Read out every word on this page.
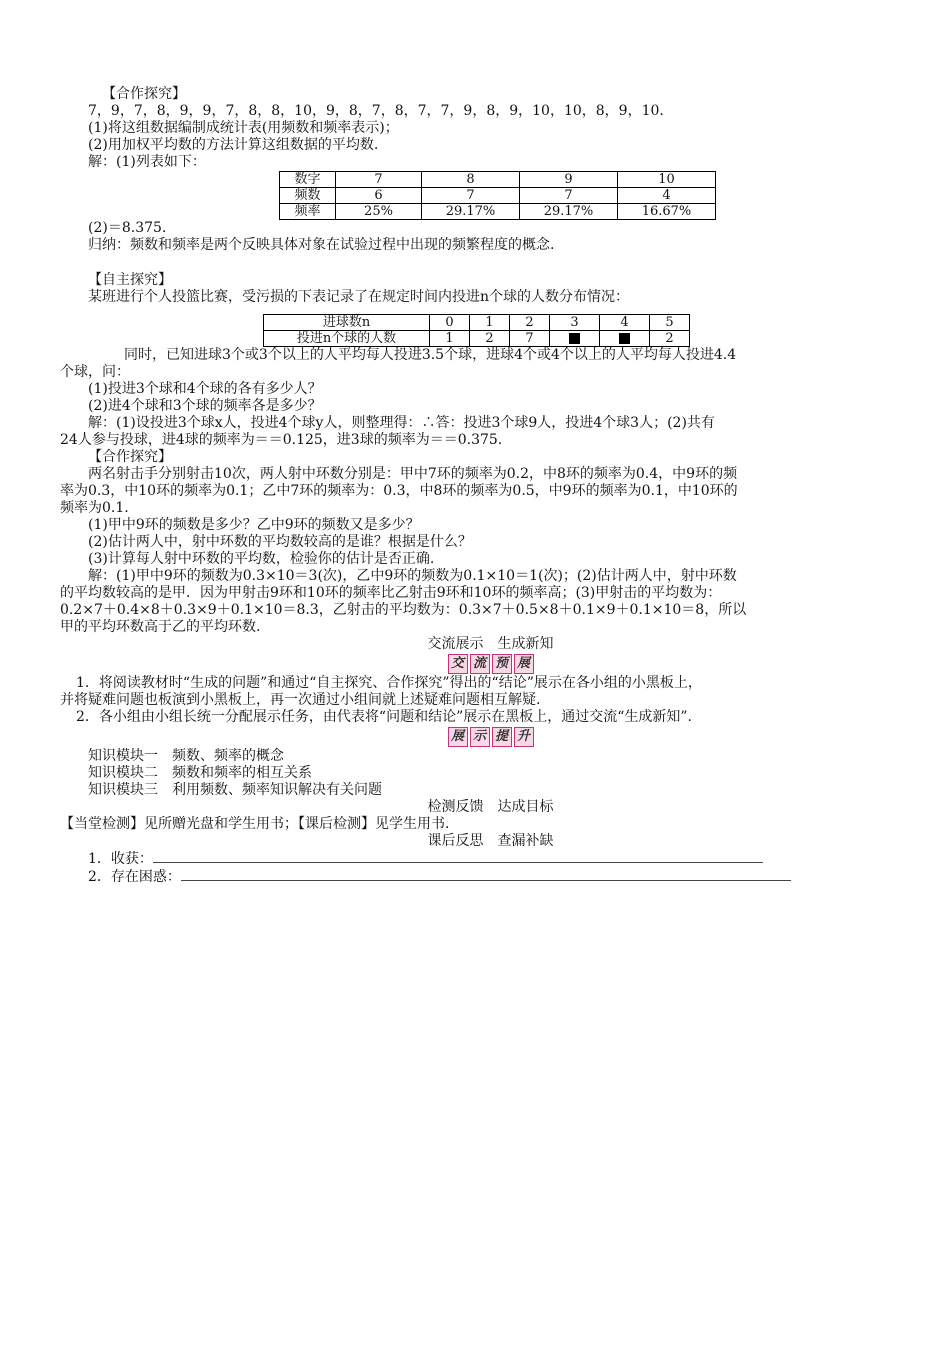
【合作探究】
7，9，7，8，9，9，7，8，8，10，9，8，7，8，7，7，9，8，9，10，10，8，9，10.
(1)将这组数据编制成统计表(用频数和频率表示)；
(2)用加权平均数的方法计算这组数据的平均数.
解：(1)列表如下：
数字	7	8	9	10
频数	6	7	7	4
频率	25%	29.17%	29.17%	16.67%
(2)＝8.375.
归纳：频数和频率是两个反映具体对象在试验过程中出现的频繁程度的概念.
【自主探究】
某班进行个人投篮比赛，受污损的下表记录了在规定时间内投进n个球的人数分布情况：
进球数n	0	1	2	3	4	5
投进n个球的人数	1	2	7			2
同时，已知进球3个或3个以上的人平均每人投进3.5个球，进球4个或4个以上的人平均每人投进4.4
个球，问：
(1)投进3个球和4个球的各有多少人？
(2)进4个球和3个球的频率各是多少？
解：(1)设投进3个球x人，投进4个球y人，则整理得：∴答：投进3个球9人，投进4个球3人；(2)共有
24人参与投球，进4球的频率为＝＝0.125，进3球的频率为＝＝0.375.
【合作探究】
两名射击手分别射击10次，两人射中环数分别是：甲中7环的频率为0.2，中8环的频率为0.4，中9环的频
率为0.3，中10环的频率为0.1；乙中7环的频率为：0.3，中8环的频率为0.5，中9环的频率为0.1，中10环的
频率为0.1.
(1)甲中9环的频数是多少？乙中9环的频数又是多少？
(2)估计两人中，射中环数的平均数较高的是谁？根据是什么？
(3)计算每人射中环数的平均数，检验你的估计是否正确.
解：(1)甲中9环的频数为0.3×10＝3(次)，乙中9环的频数为0.1×10＝1(次)；(2)估计两人中，射中环数
的平均数较高的是甲．因为甲射击9环和10环的频率比乙射击9环和10环的频率高；(3)甲射击的平均数为：
0.2×7＋0.4×8＋0.3×9＋0.1×10＝8.3，乙射击的平均数为：0.3×7＋0.5×8＋0.1×9＋0.1×10＝8，所以
甲的平均环数高于乙的平均环数.
交流展示　生成新知
交 流 预 展
1．将阅读教材时“生成的问题”和通过“自主探究、合作探究”得出的“结论”展示在各小组的小黑板上，
并将疑难问题也板演到小黑板上，再一次通过小组间就上述疑难问题相互解疑.
2．各小组由小组长统一分配展示任务，由代表将“问题和结论”展示在黑板上，通过交流“生成新知”.
展 示 提 升
知识模块一　频数、频率的概念
知识模块二　频数和频率的相互关系
知识模块三　利用频数、频率知识解决有关问题
检测反馈　达成目标
【当堂检测】见所赠光盘和学生用书；【课后检测】见学生用书.
课后反思　查漏补缺
1．收获：
2．存在困惑：
